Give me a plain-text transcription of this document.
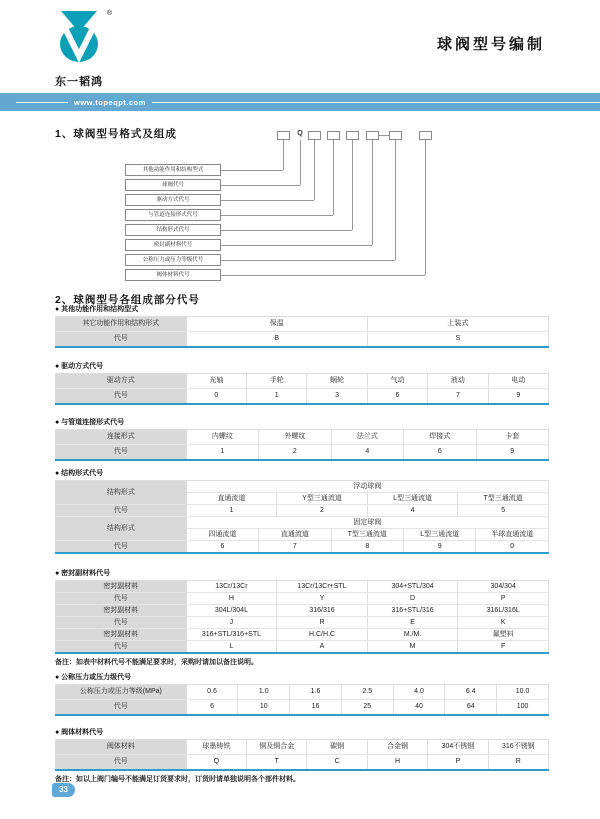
®
东一韬鸿
球阀型号编制
www.topeqpt.com
1、球阀型号格式及组成
其他功能作用和结构型式
Q
球阀代号
驱动方式代号
与管道连接形式代号
结构形式代号
密封副材料代号
公称压力或压力等级代号
阀体材料代号
2、球阀型号各组成部分代号
● 其他功能作用和结构型式
其它功能作用和结构形式	保温	上装式
代号	B	S
● 驱动方式代号
驱动方式	光轴	手轮	蜗轮	气动	液动	电动
代号	0	1	3	6	7	9
● 与管道连接形式代号
连接形式	内螺纹	外螺纹	法兰式	焊接式	卡套
代号	1	2	4	6	9
● 结构形式代号
结构形式	浮动球阀							
	直通流道		Y型三通流道		L型三通流道		T型三通流道	
代号	1		2		4		5	
结构形式	固定球阀							
	四通流道	直通流道		T型三通流道		L型三通流道		半球直通流道
代号	6	7		8		9		0
● 密封副材料代号
密封副材料	13Cr/13Cr	13Cr/13Cr+STL	304+STL/304	304/304
代号	H	Y	D	P
密封副材料	304L/304L	316/316	316+STL/316	316L/316L
代号	J	R	E	K
密封副材料	316+STL/316+STL	H.C/H.C	M./M.	氟塑料
代号	L	A	M	F
备注：如表中材料代号不能满足要求时，采购时请加以备注说明。
● 公称压力或压力级代号
公称压力或压力等级(MPa)	0.6	1.0	1.6	2.5	4.0	6.4	10.0
代号	6	10	16	25	40	64	100
● 阀体材料代号
阀体材料	球墨铸铁	铜及铜合金	碳钢	合金钢	304不锈钢	316不锈钢
代号	Q	T	C	H	P	R
备注：如以上阀门编号不能满足订货要求时，订货时请单独说明各个部件材料。
33
